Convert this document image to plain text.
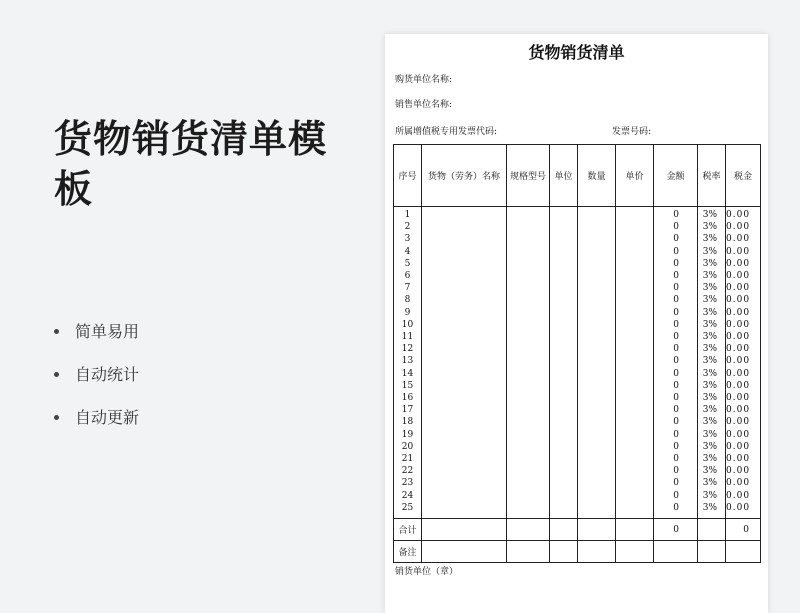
货物销货清单模板
简单易用
自动统计
自动更新
货物销货清单
购货单位名称:
销售单位名称:
所属增值税专用发票代码:	发票号码:
序号	货物（劳务）名称	规格型号	单位	数量	单价	金额	税率	税金
1						0	3%	0.00
2						0	3%	0.00
3						0	3%	0.00
4						0	3%	0.00
5						0	3%	0.00
6						0	3%	0.00
7						0	3%	0.00
8						0	3%	0.00
9						0	3%	0.00
10						0	3%	0.00
11						0	3%	0.00
12						0	3%	0.00
13						0	3%	0.00
14						0	3%	0.00
15						0	3%	0.00
16						0	3%	0.00
17						0	3%	0.00
18						0	3%	0.00
19						0	3%	0.00
20						0	3%	0.00
21						0	3%	0.00
22						0	3%	0.00
23						0	3%	0.00
24						0	3%	0.00
25						0	3%	0.00
合计						0		0
备注								
销货单位（章）
